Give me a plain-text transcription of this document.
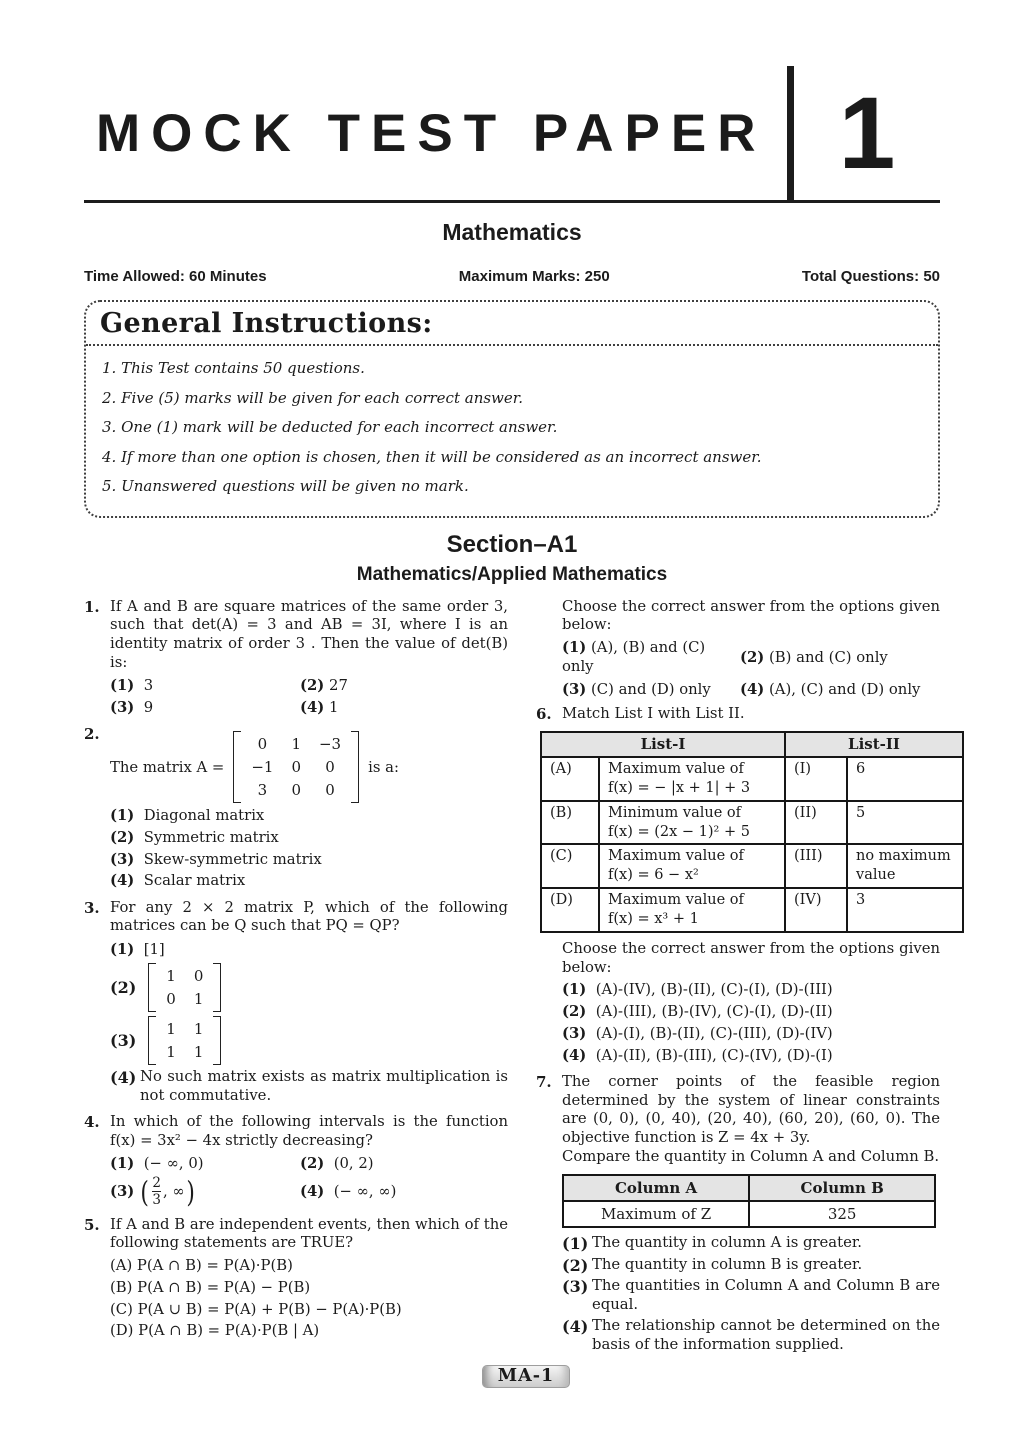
MOCK TEST PAPER 1
Mathematics
Time Allowed: 60 Minutes	Maximum Marks: 250	Total Questions: 50
General Instructions:
1. This Test contains 50 questions.
2. Five (5) marks will be given for each correct answer.
3. One (1) mark will be deducted for each incorrect answer.
4. If more than one option is chosen, then it will be considered as an incorrect answer.
5. Unanswered questions will be given no mark.
Section–A1
Mathematics/Applied Mathematics
1. If A and B are square matrices of the same order 3, such that det(A) = 3 and AB = 3I, where I is an identity matrix of order 3 . Then the value of det(B) is:
(1) 3	(2) 27
(3) 9	(4) 1
2.
The matrix A =
0	1 −3
−1 0	0
3	0	0
is a:
(1) Diagonal matrix
(2) Symmetric matrix
(3) Skew-symmetric matrix
(4) Scalar matrix
3. For any 2 × 2 matrix P, which of the following matrices can be Q such that PQ = QP?
(1) [1]
(2)
1 0
0 1
(3)
1 1
1 1
(4) No such matrix exists as matrix multiplication is not commutative.
4. In which of the following intervals is the function f(x) = 3x² − 4x strictly decreasing?
(1) (− ∞, 0)	(2) (0, 2)
(3)
( $\frac{2}{3}$ , ∞ )	(4) (− ∞, ∞)
5. If A and B are independent events, then which of the following statements are TRUE?
(A) P(A ∩ B) = P(A)·P(B)
(B) P(A ∩ B) = P(A) − P(B)
(C) P(A ∪ B) = P(A) + P(B) − P(A)·P(B)
(D) P(A ∩ B) = P(A)·P(B | A)
Choose the correct answer from the options given below:
(1) (A), (B) and (C) only
(2) (B) and (C) only
(3) (C) and (D) only	(4) (A), (C) and (D) only
6. Match List I with List II.
List-I		List-II	
(A)	Maximum value of
f(x) = − |x + 1| + 3	(I)	6
(B)	Minimum value of
f(x) = (2x − 1)² + 5	(II)	5
(C)	Maximum value of
f(x) = 6 − x²	(III)	no maximum value
(D)	Maximum value of
f(x) = x³ + 1	(IV)	3
Choose the correct answer from the options given below:
(1) (A)-(IV), (B)-(II), (C)-(I), (D)-(III)
(2) (A)-(III), (B)-(IV), (C)-(I), (D)-(II)
(3) (A)-(I), (B)-(II), (C)-(III), (D)-(IV)
(4) (A)-(II), (B)-(III), (C)-(IV), (D)-(I)
7. The corner points of the feasible region determined by the system of linear constraints are (0, 0), (0, 40), (20, 40), (60, 20), (60, 0). The objective function is Z = 4x + 3y.
Compare the quantity in Column A and Column B.
Column A	Column B
Maximum of Z	325
(1) The quantity in column A is greater.
(2) The quantity in column B is greater.
(3) The quantities in Column A and Column B are equal.
(4) The relationship cannot be determined on the basis of the information supplied.
MA-1
